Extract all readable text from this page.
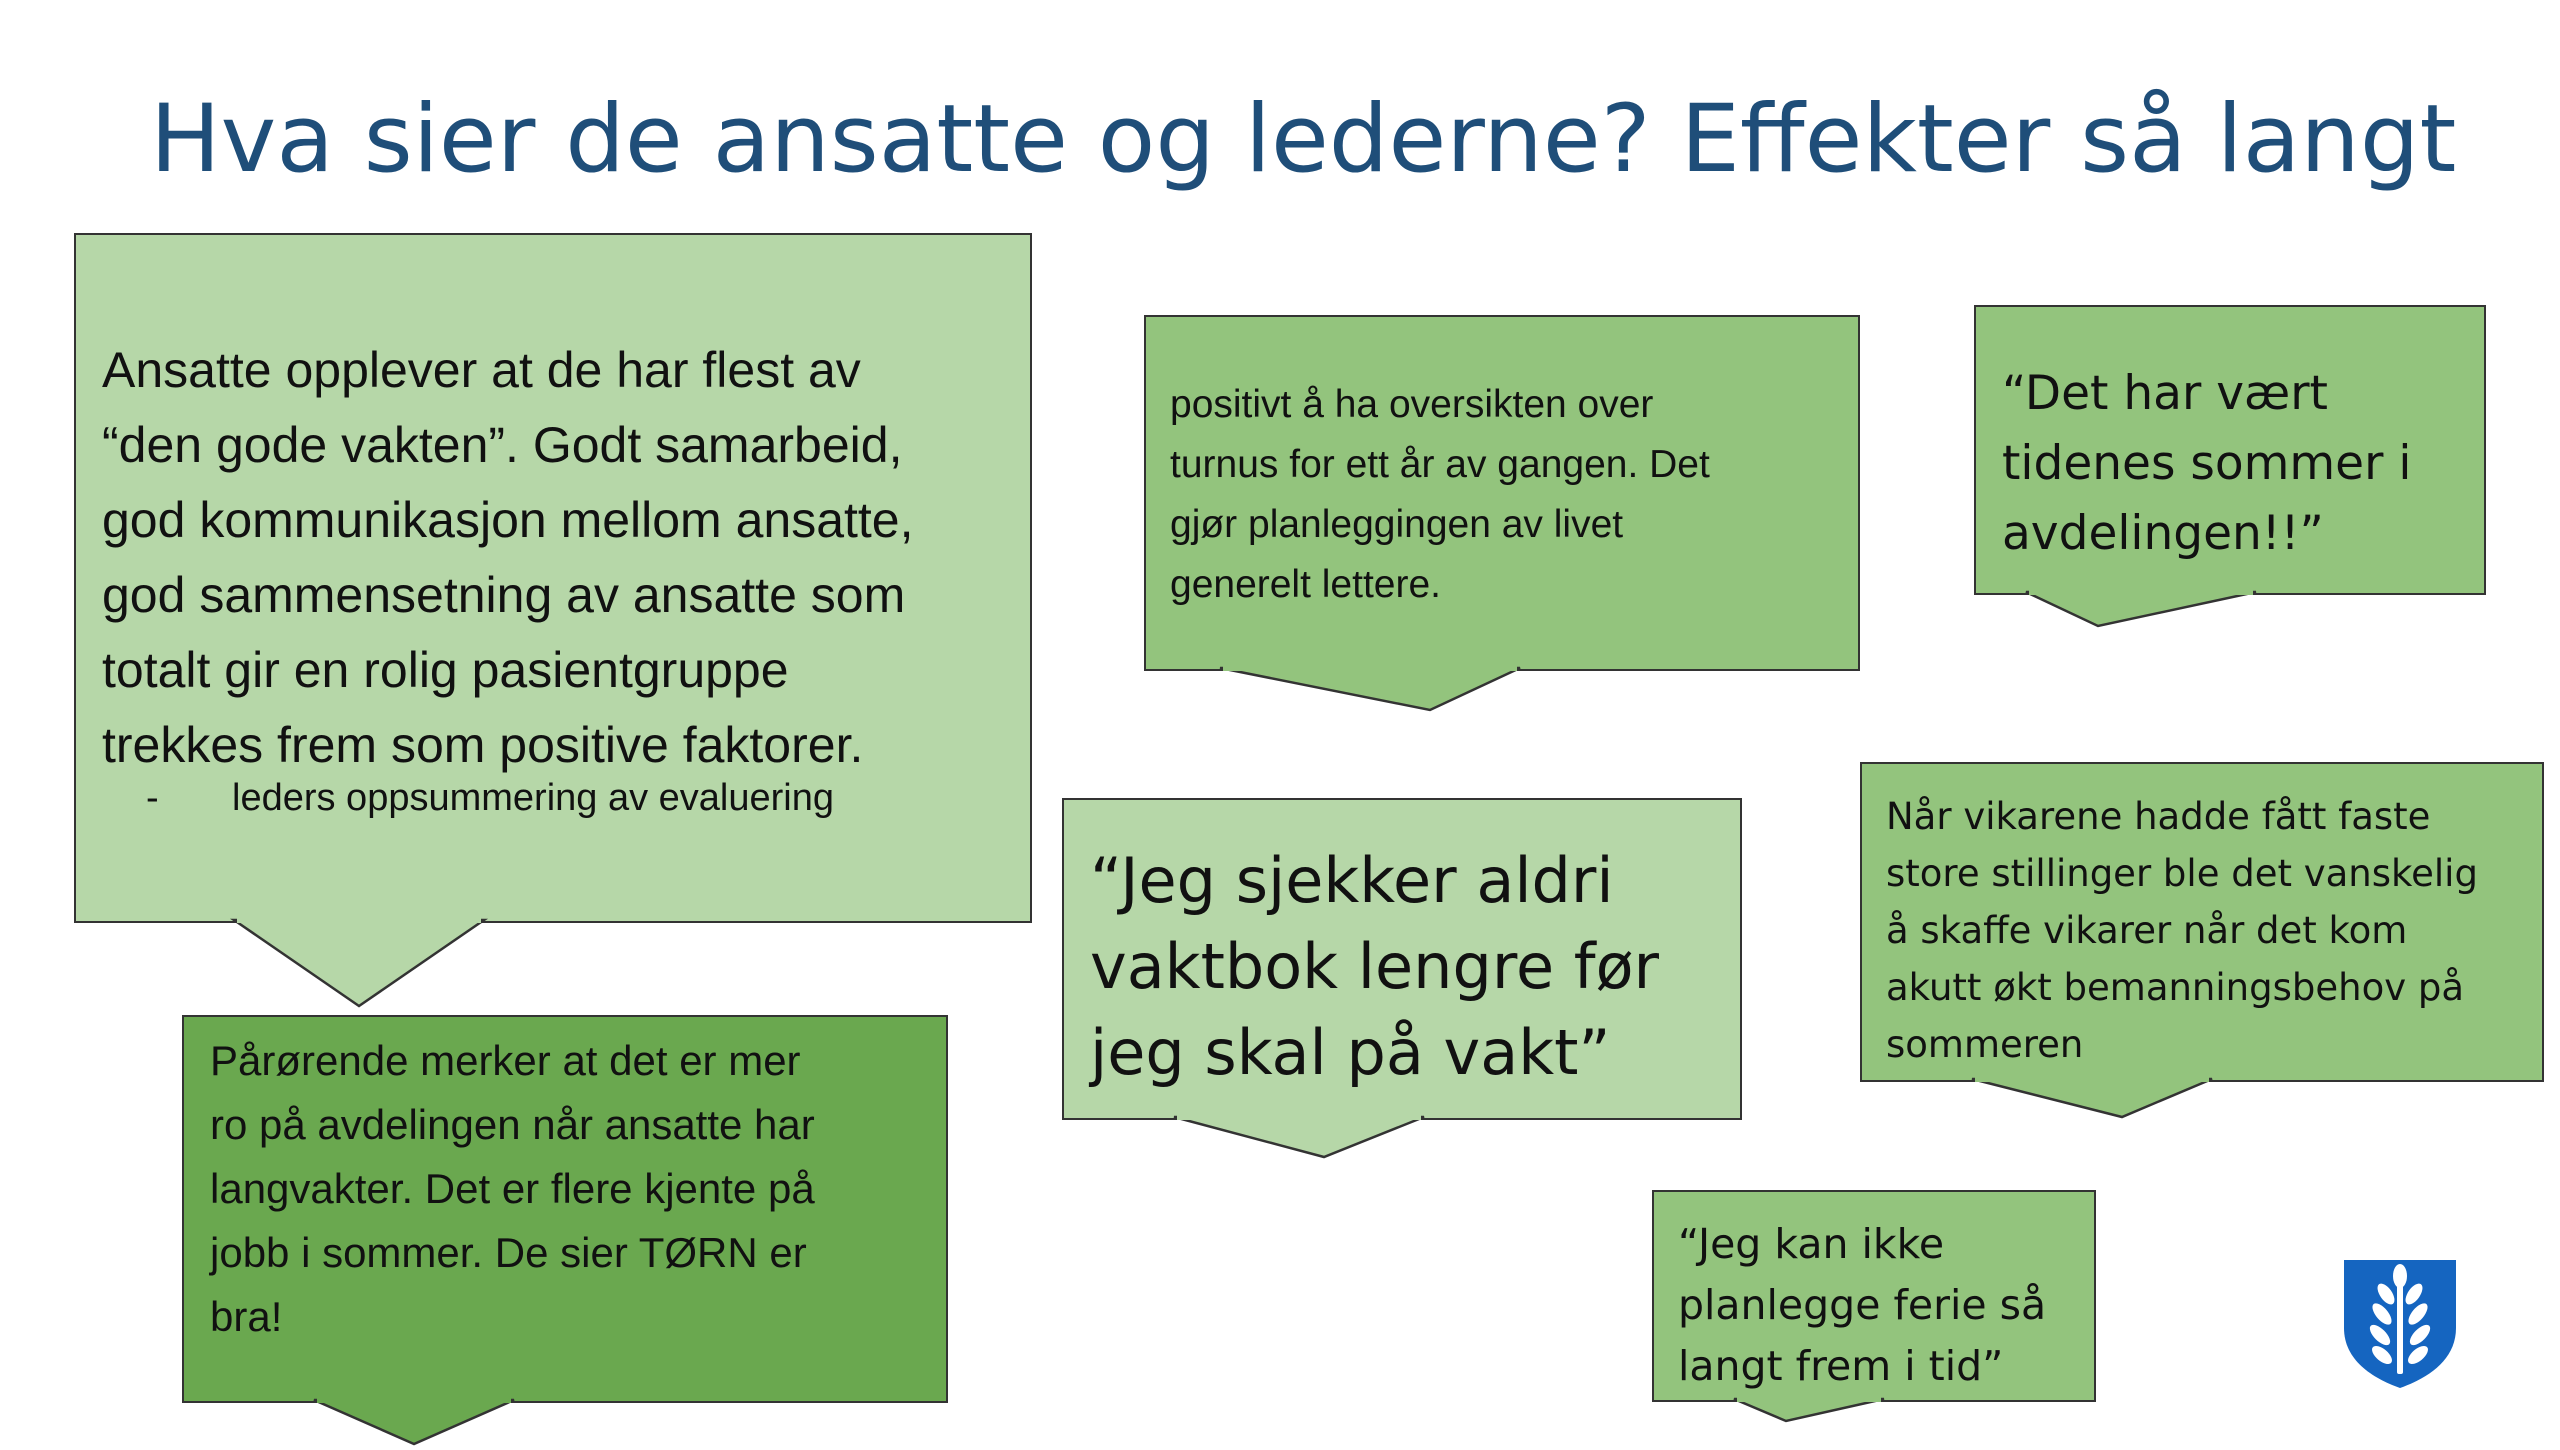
Hva sier de ansatte og lederne? Effekter så langt
Ansatte opplever at de har flest av
“den gode vakten”. Godt samarbeid,
god kommunikasjon mellom ansatte,
god sammensetning av ansatte som
totalt gir en rolig pasientgruppe
trekkes frem som positive faktorer.
- leders oppsummering av evaluering
positivt å ha oversikten over
turnus for ett år av gangen. Det
gjør planleggingen av livet
generelt lettere.
“Det har vært
tidenes sommer i
avdelingen!!”
“Jeg sjekker aldri
vaktbok lengre før
jeg skal på vakt”
Når vikarene hadde fått faste
store stillinger ble det vanskelig
å skaffe vikarer når det kom
akutt økt bemanningsbehov på
sommeren
Pårørende merker at det er mer
ro på avdelingen når ansatte har
langvakter. Det er flere kjente på
jobb i sommer. De sier TØRN er
bra!
“Jeg kan ikke
planlegge ferie så
langt frem i tid”
